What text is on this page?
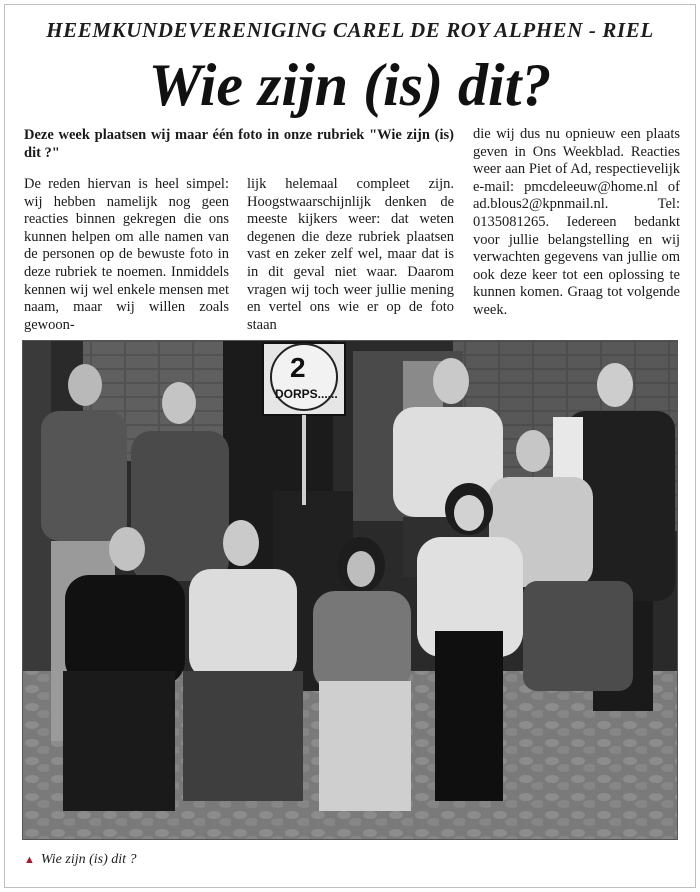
HEEMKUNDEVERENIGING CAREL DE ROY ALPHEN - RIEL
Wie zijn (is) dit?

Deze week plaatsen wij maar één foto in onze rubriek "Wie zijn (is) dit ?"

De reden hiervan is heel simpel: wij hebben namelijk nog geen reacties binnen gekregen die ons kunnen helpen om alle namen van de personen op de bewuste foto in deze rubriek te noemen. Inmiddels kennen wij wel enkele mensen met naam, maar wij willen zoals gewoon-

lijk helemaal compleet zijn. Hoogstwaarschijnlijk denken de meeste kijkers weer: dat weten degenen die deze rubriek plaatsen vast en zeker zelf wel, maar dat is in dit geval niet waar. Daarom vragen wij toch weer jullie mening en vertel ons wie er op de foto staan

die wij dus nu opnieuw een plaats geven in Ons Weekblad. Reacties weer aan Piet of Ad, respectievelijk e-mail: pmcdeleeuw@home.nl of ad.blous2@kpnmail.nl. Tel: 0135081265. Iedereen bedankt voor jullie belangstelling en wij verwachten gegevens van jullie om ook deze keer tot een oplossing te kunnen komen. Graag tot volgende week.

2
DORPS......
▲ Wie zijn (is) dit ?
